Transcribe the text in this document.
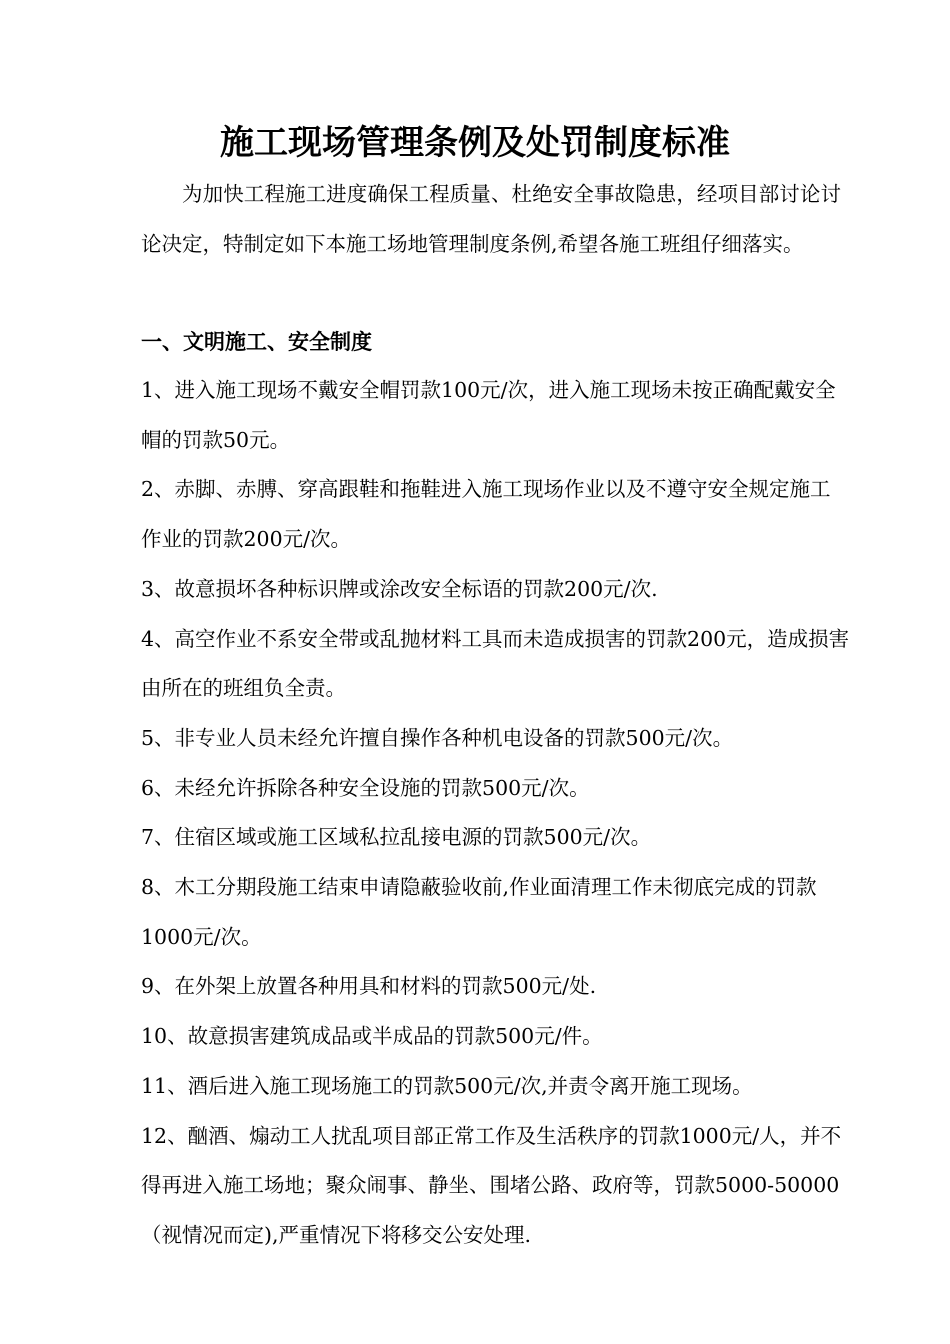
施工现场管理条例及处罚制度标准

为加快工程施工进度确保工程质量、杜绝安全事故隐患，经项目部讨论讨论决定，特制定如下本施工场地管理制度条例,希望各施工班组仔细落实。

一、文明施工、安全制度
1、进入施工现场不戴安全帽罚款100元/次，进入施工现场未按正确配戴安全帽的罚款50元。
2、赤脚、赤膊、穿高跟鞋和拖鞋进入施工现场作业以及不遵守安全规定施工作业的罚款200元/次。
3、故意损坏各种标识牌或涂改安全标语的罚款200元/次.
4、高空作业不系安全带或乱抛材料工具而未造成损害的罚款200元，造成损害由所在的班组负全责。
5、非专业人员未经允许擅自操作各种机电设备的罚款500元/次。
6、未经允许拆除各种安全设施的罚款500元/次。
7、住宿区域或施工区域私拉乱接电源的罚款500元/次。
8、木工分期段施工结束申请隐蔽验收前,作业面清理工作未彻底完成的罚款1000元/次。
9、在外架上放置各种用具和材料的罚款500元/处.
10、故意损害建筑成品或半成品的罚款500元/件。
11、酒后进入施工现场施工的罚款500元/次,并责令离开施工现场。
12、酗酒、煽动工人扰乱项目部正常工作及生活秩序的罚款1000元/人，并不得再进入施工场地；聚众闹事、静坐、围堵公路、政府等，罚款5000-50000（视情况而定),严重情况下将移交公安处理.
